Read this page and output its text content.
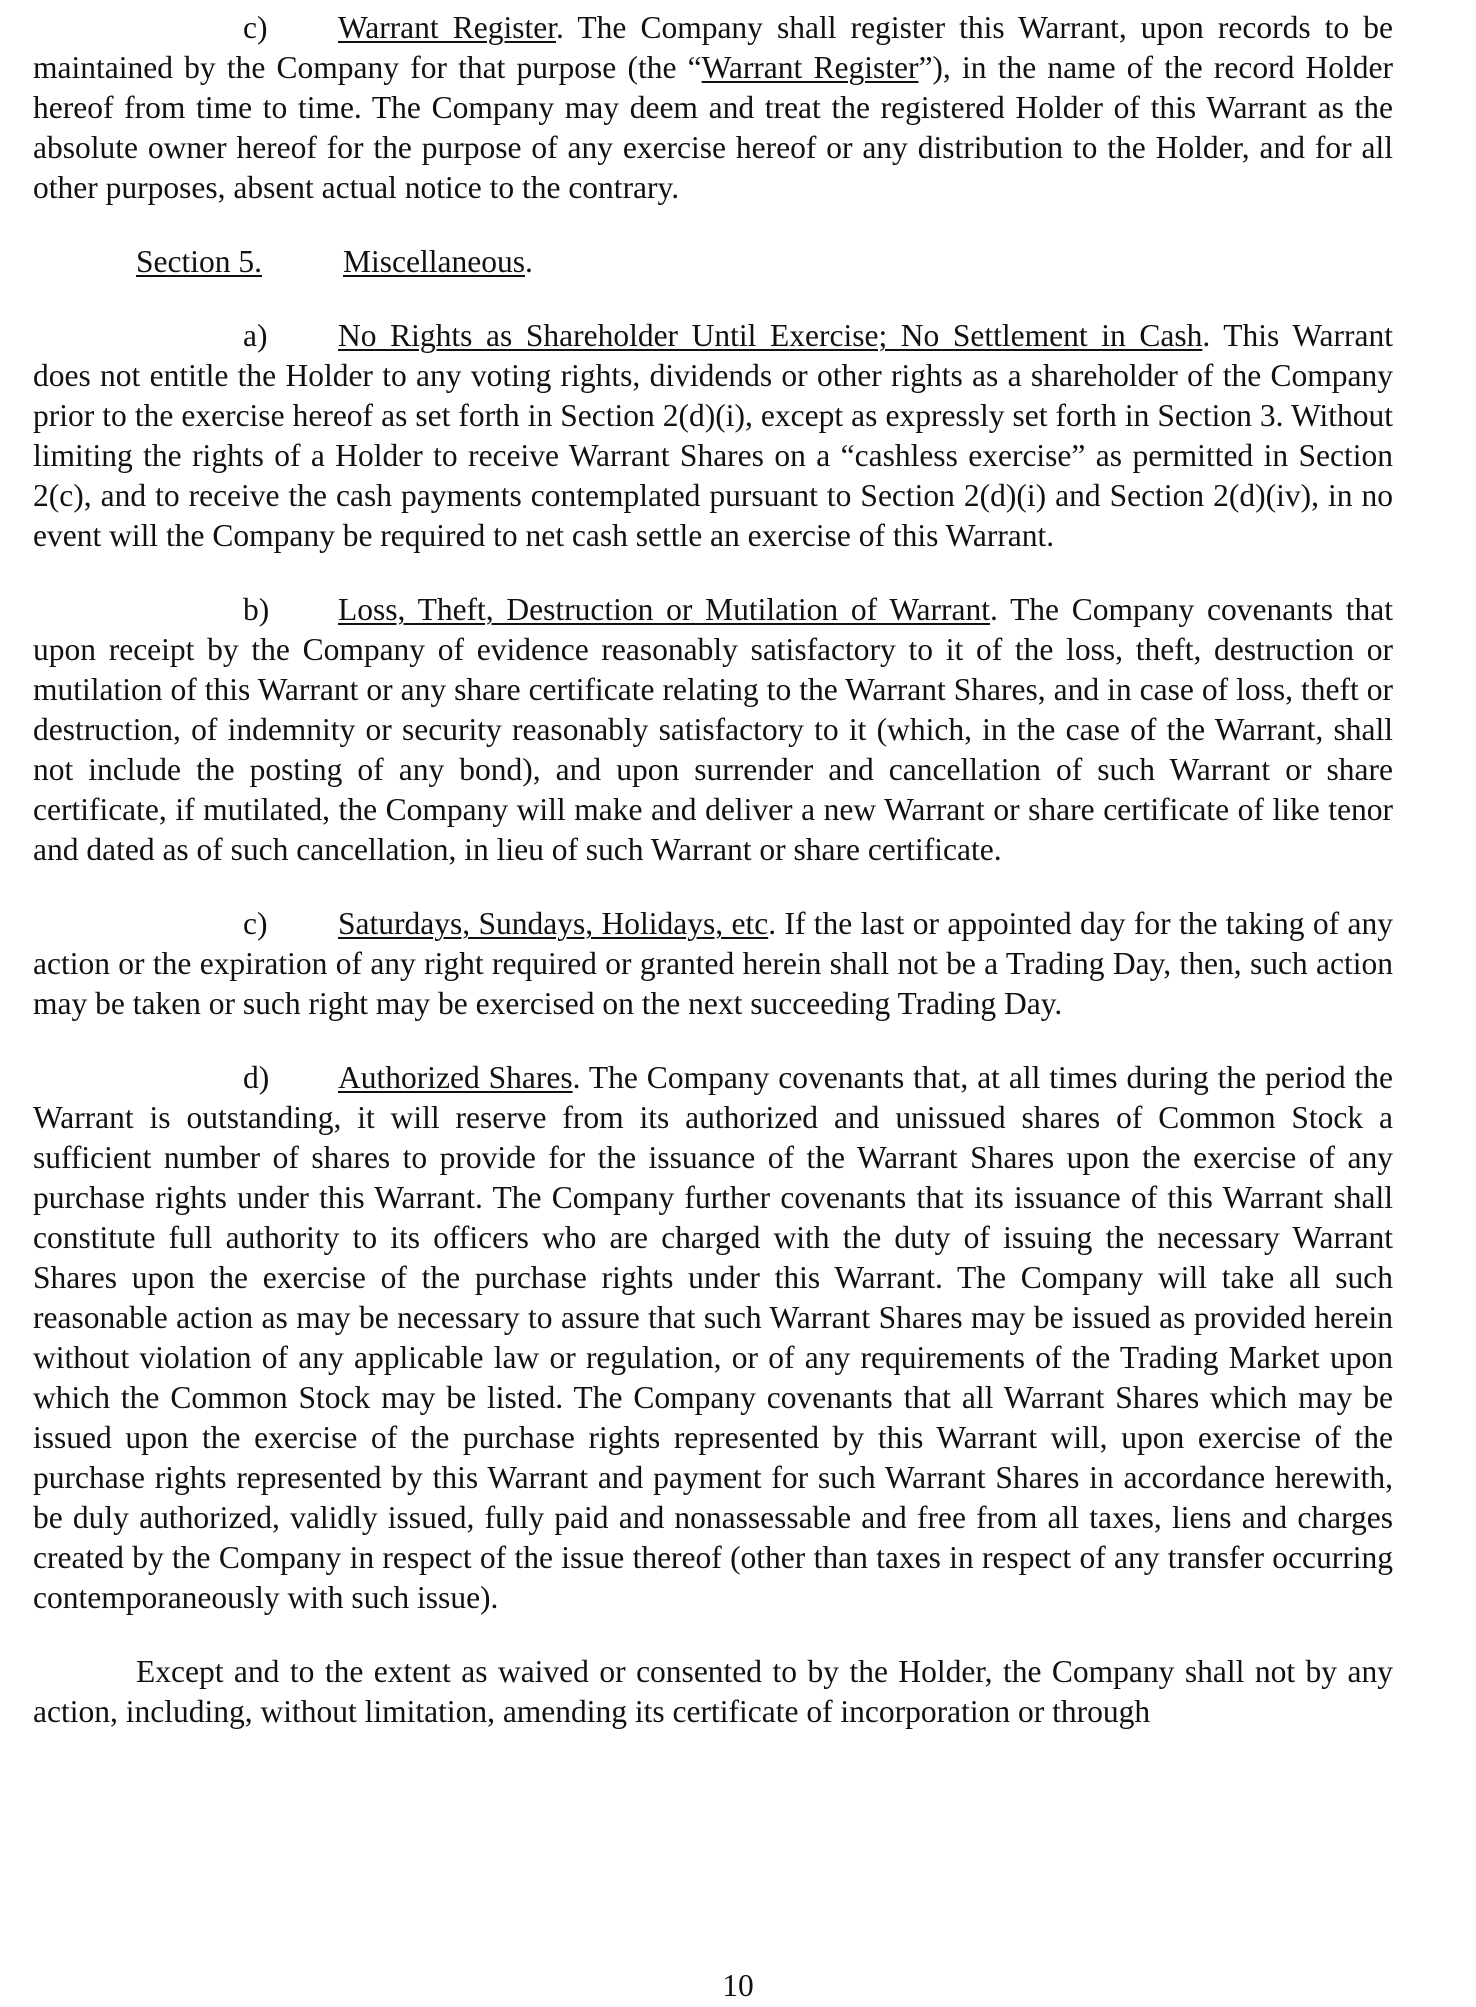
c) Warrant Register. The Company shall register this Warrant, upon records to be maintained by the Company for that purpose (the “Warrant Register”), in the name of the record Holder hereof from time to time. The Company may deem and treat the registered Holder of this Warrant as the absolute owner hereof for the purpose of any exercise hereof or any distribution to the Holder, and for all other purposes, absent actual notice to the contrary.

Section 5.	Miscellaneous.

a) No Rights as Shareholder Until Exercise; No Settlement in Cash. This Warrant does not entitle the Holder to any voting rights, dividends or other rights as a shareholder of the Company prior to the exercise hereof as set forth in Section 2(d)(i), except as expressly set forth in Section 3. Without limiting the rights of a Holder to receive Warrant Shares on a “cashless exercise” as permitted in Section 2(c), and to receive the cash payments contemplated pursuant to Section 2(d)(i) and Section 2(d)(iv), in no event will the Company be required to net cash settle an exercise of this Warrant.

b) Loss, Theft, Destruction or Mutilation of Warrant. The Company covenants that upon receipt by the Company of evidence reasonably satisfactory to it of the loss, theft, destruction or mutilation of this Warrant or any share certificate relating to the Warrant Shares, and in case of loss, theft or destruction, of indemnity or security reasonably satisfactory to it (which, in the case of the Warrant, shall not include the posting of any bond), and upon surrender and cancellation of such Warrant or share certificate, if mutilated, the Company will make and deliver a new Warrant or share certificate of like tenor and dated as of such cancellation, in lieu of such Warrant or share certificate.

c) Saturdays, Sundays, Holidays, etc. If the last or appointed day for the taking of any action or the expiration of any right required or granted herein shall not be a Trading Day, then, such action may be taken or such right may be exercised on the next succeeding Trading Day.

d) Authorized Shares. The Company covenants that, at all times during the period the Warrant is outstanding, it will reserve from its authorized and unissued shares of Common Stock a sufficient number of shares to provide for the issuance of the Warrant Shares upon the exercise of any purchase rights under this Warrant. The Company further covenants that its issuance of this Warrant shall constitute full authority to its officers who are charged with the duty of issuing the necessary Warrant Shares upon the exercise of the purchase rights under this Warrant. The Company will take all such reasonable action as may be necessary to assure that such Warrant Shares may be issued as provided herein without violation of any applicable law or regulation, or of any requirements of the Trading Market upon which the Common Stock may be listed. The Company covenants that all Warrant Shares which may be issued upon the exercise of the purchase rights represented by this Warrant will, upon exercise of the purchase rights represented by this Warrant and payment for such Warrant Shares in accordance herewith, be duly authorized, validly issued, fully paid and nonassessable and free from all taxes, liens and charges created by the Company in respect of the issue thereof (other than taxes in respect of any transfer occurring contemporaneously with such issue).

Except and to the extent as waived or consented to by the Holder, the Company shall not by any action, including, without limitation, amending its certificate of incorporation or through

10
